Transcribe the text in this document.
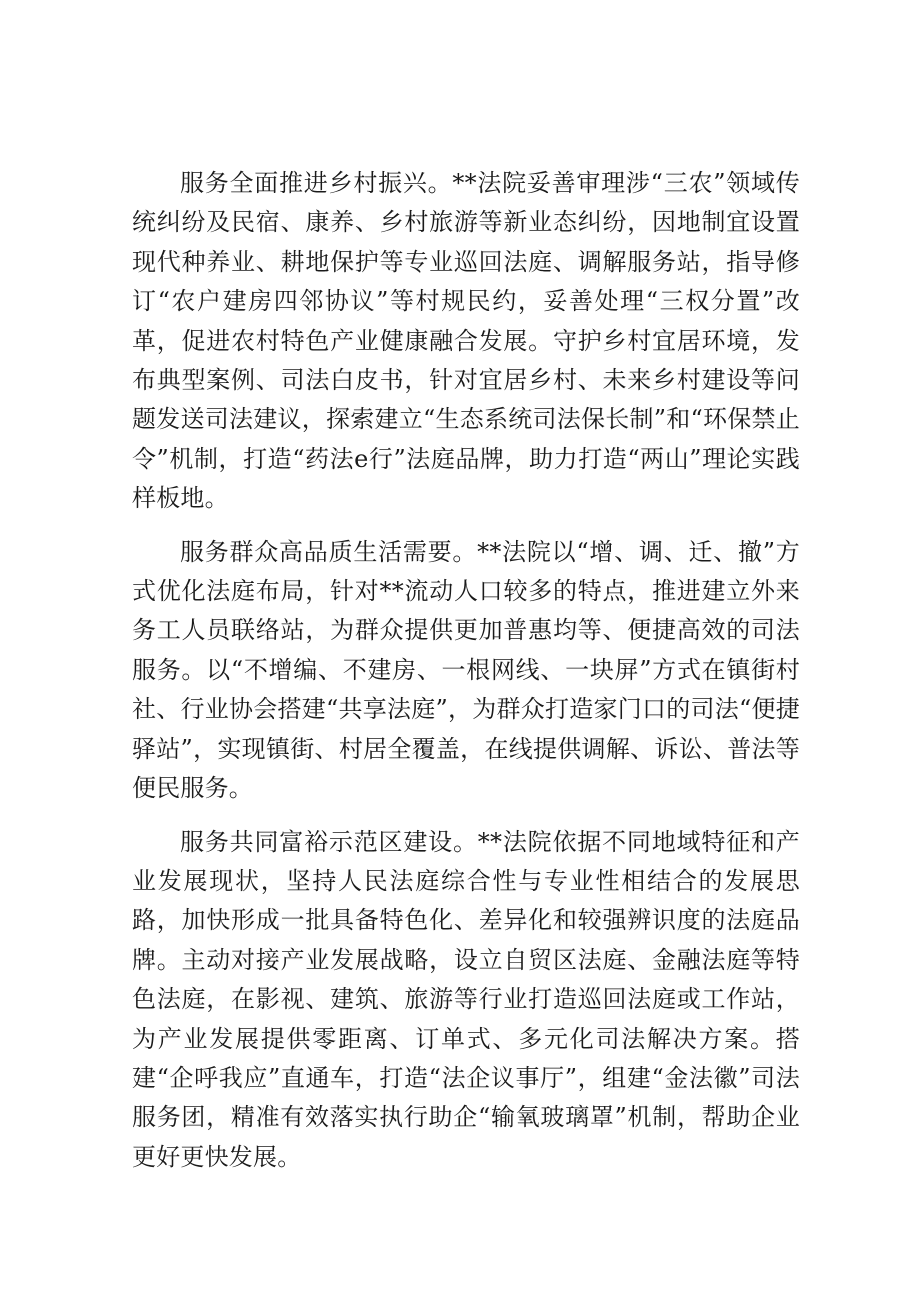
服务全面推进乡村振兴。**法院妥善审理涉“三农”领域传统纠纷及民宿、康养、乡村旅游等新业态纠纷，因地制宜设置现代种养业、耕地保护等专业巡回法庭、调解服务站，指导修订“农户建房四邻协议”等村规民约，妥善处理“三权分置”改革，促进农村特色产业健康融合发展。守护乡村宜居环境，发布典型案例、司法白皮书，针对宜居乡村、未来乡村建设等问题发送司法建议，探索建立“生态系统司法保长制”和“环保禁止令”机制，打造“药法e行”法庭品牌，助力打造“两山”理论实践样板地。

服务群众高品质生活需要。**法院以“增、调、迁、撤”方式优化法庭布局，针对**流动人口较多的特点，推进建立外来务工人员联络站，为群众提供更加普惠均等、便捷高效的司法服务。以“不增编、不建房、一根网线、一块屏”方式在镇街村社、行业协会搭建“共享法庭”，为群众打造家门口的司法“便捷驿站”，实现镇街、村居全覆盖，在线提供调解、诉讼、普法等便民服务。

服务共同富裕示范区建设。**法院依据不同地域特征和产业发展现状，坚持人民法庭综合性与专业性相结合的发展思路，加快形成一批具备特色化、差异化和较强辨识度的法庭品牌。主动对接产业发展战略，设立自贸区法庭、金融法庭等特色法庭，在影视、建筑、旅游等行业打造巡回法庭或工作站，为产业发展提供零距离、订单式、多元化司法解决方案。搭建“企呼我应”直通车，打造“法企议事厅”，组建“金法徽”司法服务团，精准有效落实执行助企“输氧玻璃罩”机制，帮助企业更好更快发展。
